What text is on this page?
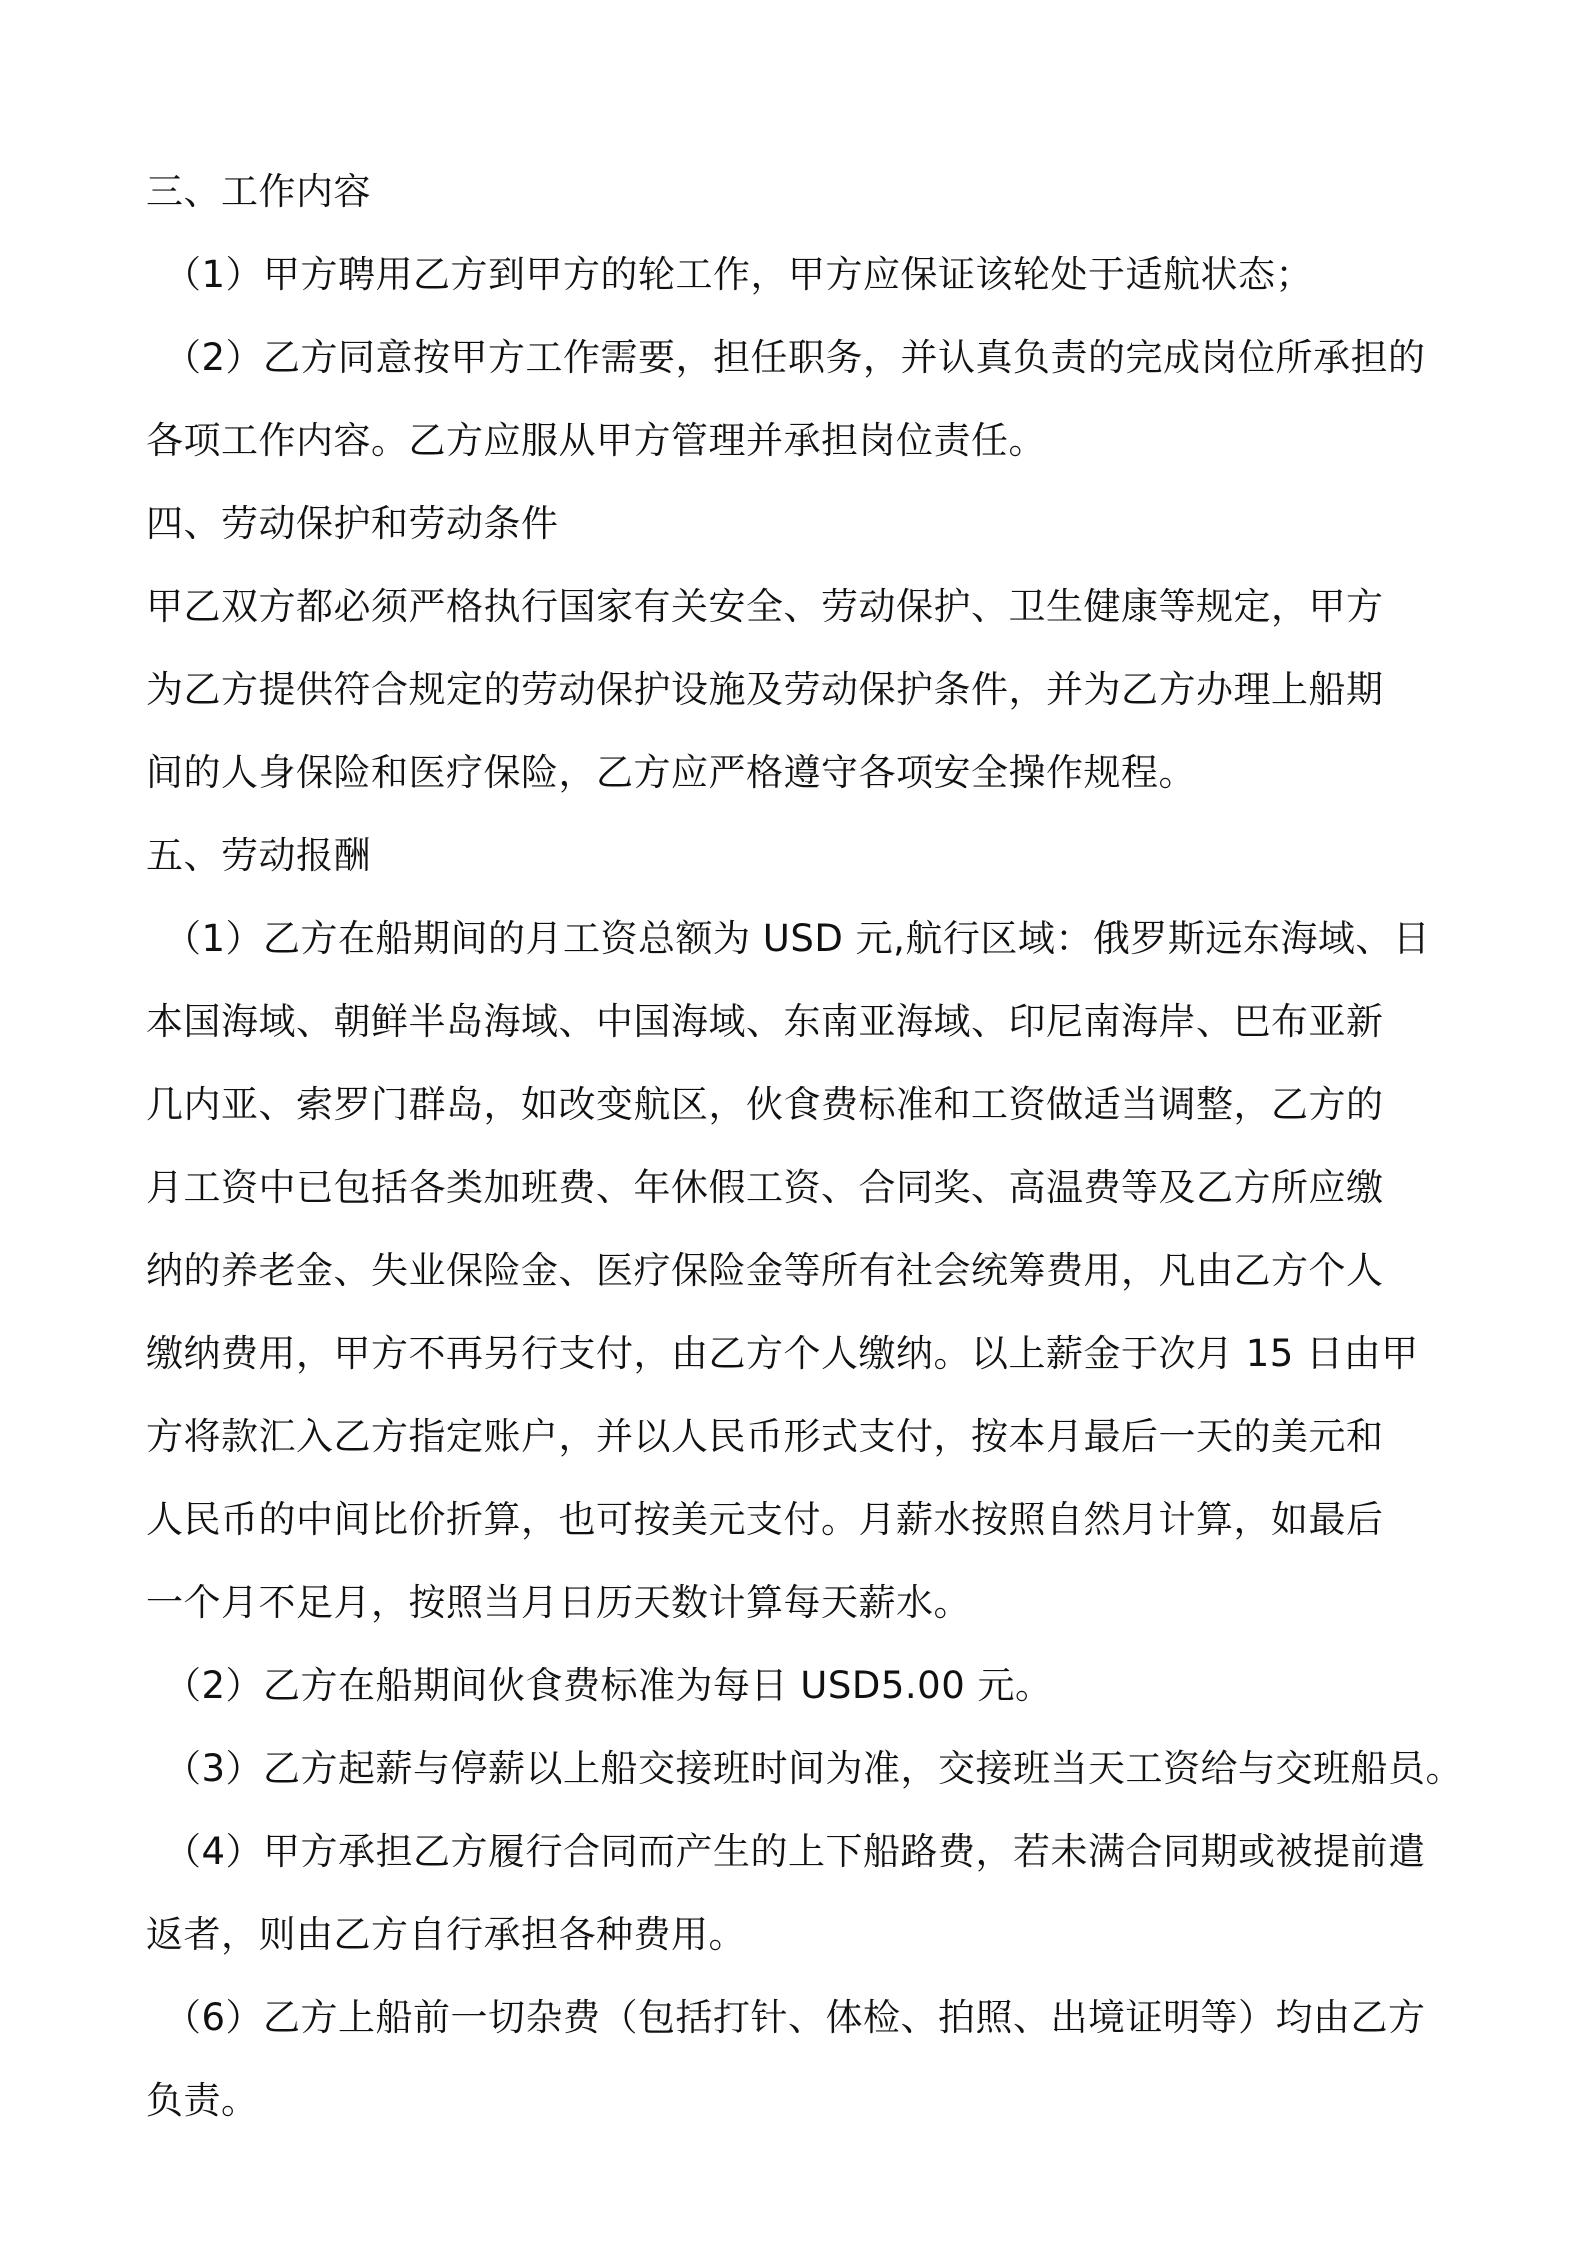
三、工作内容
（1）甲方聘用乙方到甲方的轮工作，甲方应保证该轮处于适航状态；
（2）乙方同意按甲方工作需要，担任职务，并认真负责的完成岗位所承担的
各项工作内容。乙方应服从甲方管理并承担岗位责任。
四、劳动保护和劳动条件
甲乙双方都必须严格执行国家有关安全、劳动保护、卫生健康等规定，甲方
为乙方提供符合规定的劳动保护设施及劳动保护条件，并为乙方办理上船期
间的人身保险和医疗保险，乙方应严格遵守各项安全操作规程。
五、劳动报酬
（1）乙方在船期间的月工资总额为 USD 元,航行区域：俄罗斯远东海域、日
本国海域、朝鲜半岛海域、中国海域、东南亚海域、印尼南海岸、巴布亚新
几内亚、索罗门群岛，如改变航区，伙食费标准和工资做适当调整，乙方的
月工资中已包括各类加班费、年休假工资、合同奖、高温费等及乙方所应缴
纳的养老金、失业保险金、医疗保险金等所有社会统筹费用，凡由乙方个人
缴纳费用，甲方不再另行支付，由乙方个人缴纳。以上薪金于次月 15 日由甲
方将款汇入乙方指定账户，并以人民币形式支付，按本月最后一天的美元和
人民币的中间比价折算，也可按美元支付。月薪水按照自然月计算，如最后
一个月不足月，按照当月日历天数计算每天薪水。
（2）乙方在船期间伙食费标准为每日 USD5.00 元。
（3）乙方起薪与停薪以上船交接班时间为准，交接班当天工资给与交班船员。
（4）甲方承担乙方履行合同而产生的上下船路费，若未满合同期或被提前遣
返者，则由乙方自行承担各种费用。
（6）乙方上船前一切杂费（包括打针、体检、拍照、出境证明等）均由乙方
负责。
